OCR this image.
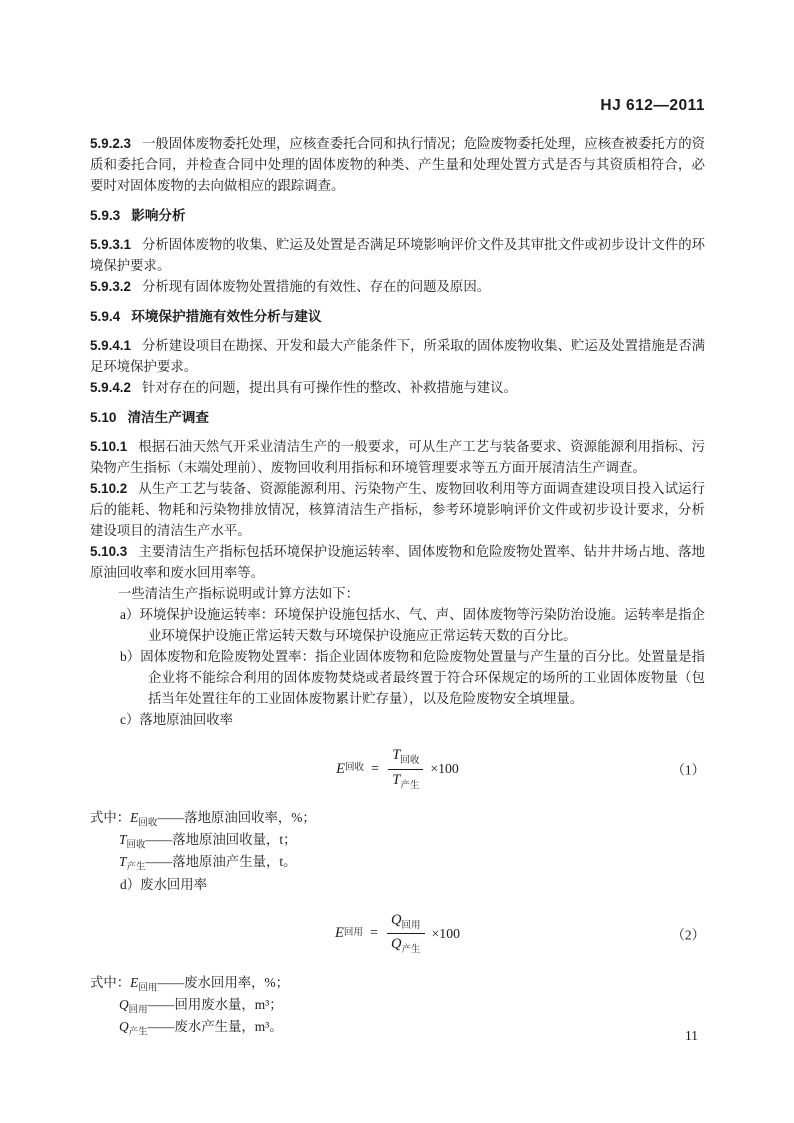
HJ 612—2011
5.9.2.3 一般固体废物委托处理，应核查委托合同和执行情况；危险废物委托处理，应核查被委托方的资质和委托合同，并检查合同中处理的固体废物的种类、产生量和处理处置方式是否与其资质相符合，必要时对固体废物的去向做相应的跟踪调查。
5.9.3 影响分析
5.9.3.1 分析固体废物的收集、贮运及处置是否满足环境影响评价文件及其审批文件或初步设计文件的环境保护要求。
5.9.3.2 分析现有固体废物处置措施的有效性、存在的问题及原因。
5.9.4 环境保护措施有效性分析与建议
5.9.4.1 分析建设项目在勘探、开发和最大产能条件下，所采取的固体废物收集、贮运及处置措施是否满足环境保护要求。
5.9.4.2 针对存在的问题，提出具有可操作性的整改、补救措施与建议。
5.10 清洁生产调查
5.10.1 根据石油天然气开采业清洁生产的一般要求，可从生产工艺与装备要求、资源能源利用指标、污染物产生指标（末端处理前）、废物回收利用指标和环境管理要求等五方面开展清洁生产调查。
5.10.2 从生产工艺与装备、资源能源利用、污染物产生、废物回收利用等方面调查建设项目投入试运行后的能耗、物耗和污染物排放情况，核算清洁生产指标，参考环境影响评价文件或初步设计要求，分析建设项目的清洁生产水平。
5.10.3 主要清洁生产指标包括环境保护设施运转率、固体废物和危险废物处置率、钻井井场占地、落地原油回收率和废水回用率等。
一些清洁生产指标说明或计算方法如下：
a）环境保护设施运转率：环境保护设施包括水、气、声、固体废物等污染防治设施。运转率是指企业环境保护设施正常运转天数与环境保护设施应正常运转天数的百分比。
b）固体废物和危险废物处置率：指企业固体废物和危险废物处置量与产生量的百分比。处置量是指企业将不能综合利用的固体废物焚烧或者最终置于符合环保规定的场所的工业固体废物量（包括当年处置往年的工业固体废物累计贮存量），以及危险废物安全填埋量。
c）落地原油回收率
E 回收 = $\frac{T_{回收}}{T_{产生}} \times 100$	（1）
式中：$E_{回收}——$落地原油回收率，%；
$T_{回收}——$落地原油回收量，t；
$T_{产生}——$落地原油产生量，t。
d）废水回用率
E 回用 = $\frac{Q_{回用}}{Q_{产生}} \times 100$	（2）
式中：$E_{回用}——$废水回用率，%；
$Q_{回用}——$回用废水量，m³；
$Q_{产生}——$废水产生量，m³。
11
